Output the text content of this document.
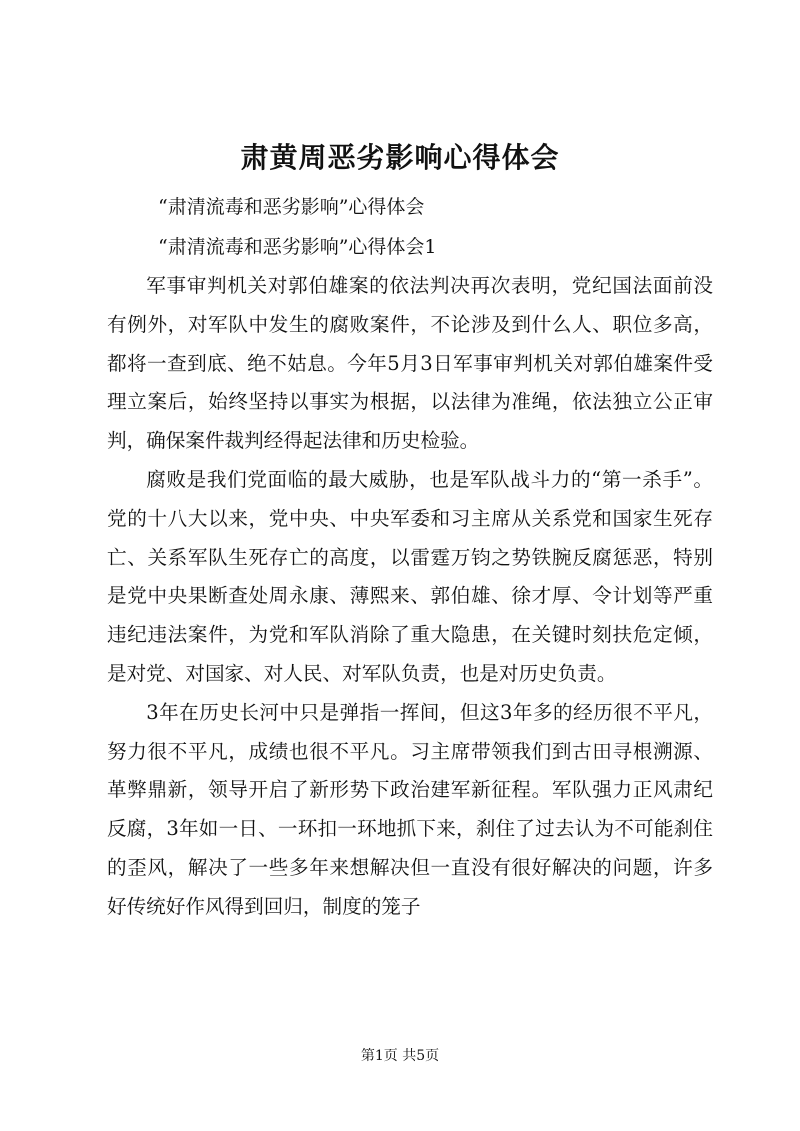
肃黄周恶劣影响心得体会
“肃清流毒和恶劣影响”心得体会
“肃清流毒和恶劣影响”心得体会1

军事审判机关对郭伯雄案的依法判决再次表明，党纪国法面前没有例外，对军队中发生的腐败案件，不论涉及到什么人、职位多高，都将一查到底、绝不姑息。今年5月3日军事审判机关对郭伯雄案件受理立案后，始终坚持以事实为根据，以法律为准绳，依法独立公正审判，确保案件裁判经得起法律和历史检验。

腐败是我们党面临的最大威胁，也是军队战斗力的“第一杀手”。党的十八大以来，党中央、中央军委和习主席从关系党和国家生死存亡、关系军队生死存亡的高度，以雷霆万钧之势铁腕反腐惩恶，特别是党中央果断查处周永康、薄熙来、郭伯雄、徐才厚、令计划等严重违纪违法案件，为党和军队消除了重大隐患，在关键时刻扶危定倾，是对党、对国家、对人民、对军队负责，也是对历史负责。

3年在历史长河中只是弹指一挥间，但这3年多的经历很不平凡，努力很不平凡，成绩也很不平凡。习主席带领我们到古田寻根溯源、革弊鼎新，领导开启了新形势下政治建军新征程。军队强力正风肃纪反腐，3年如一日、一环扣一环地抓下来，刹住了过去认为不可能刹住的歪风，解决了一些多年来想解决但一直没有很好解决的问题，许多好传统好作风得到回归，制度的笼子

第1页 共5页
